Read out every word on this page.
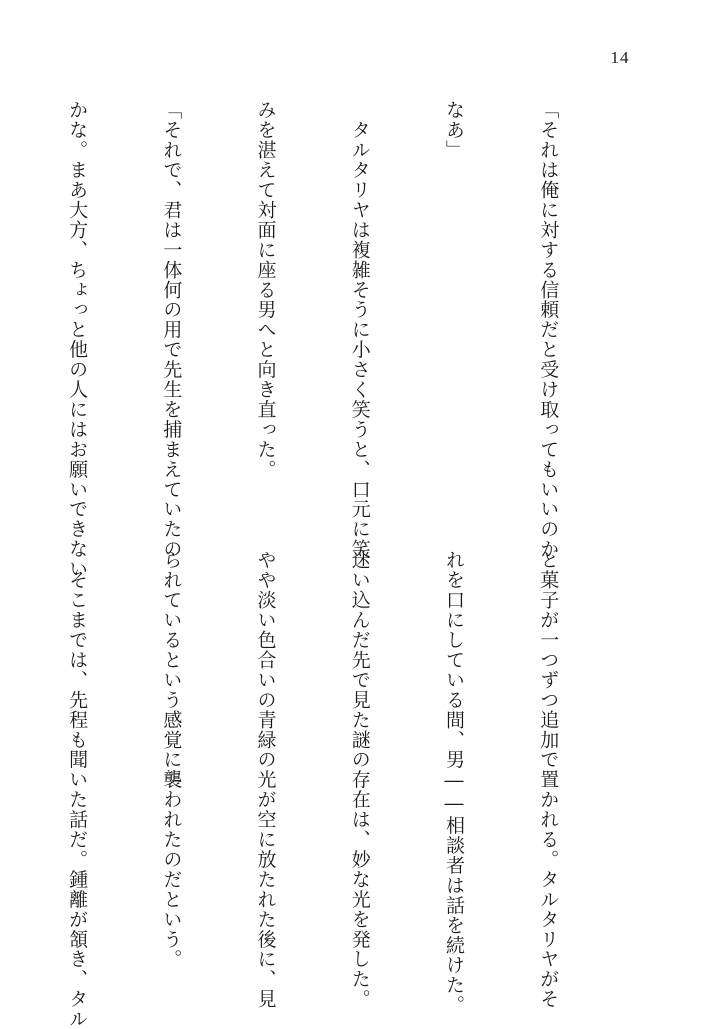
14

「それは俺に対する信頼だと受け取ってもいいのか

なあ」

　タルタリヤは複雑そうに小さく笑うと、口元に笑

みを湛えて対面に座る男へと向き直った。

「それで、君は一体何の用で先生を捕まえていたの

かな。まあ大方、ちょっと他の人にはお願いできない

と菓子が一つずつ追加で置かれる。タルタリヤがそ

れを口にしている間、男――相談者は話を続けた。

迷い込んだ先で見た謎の存在は、妙な光を発した。

やや淡い色合いの青緑の光が空に放たれた後に、見

られているという感覚に襲われたのだという。

　そこまでは、先程も聞いた話だ。鍾離が頷き、タル
